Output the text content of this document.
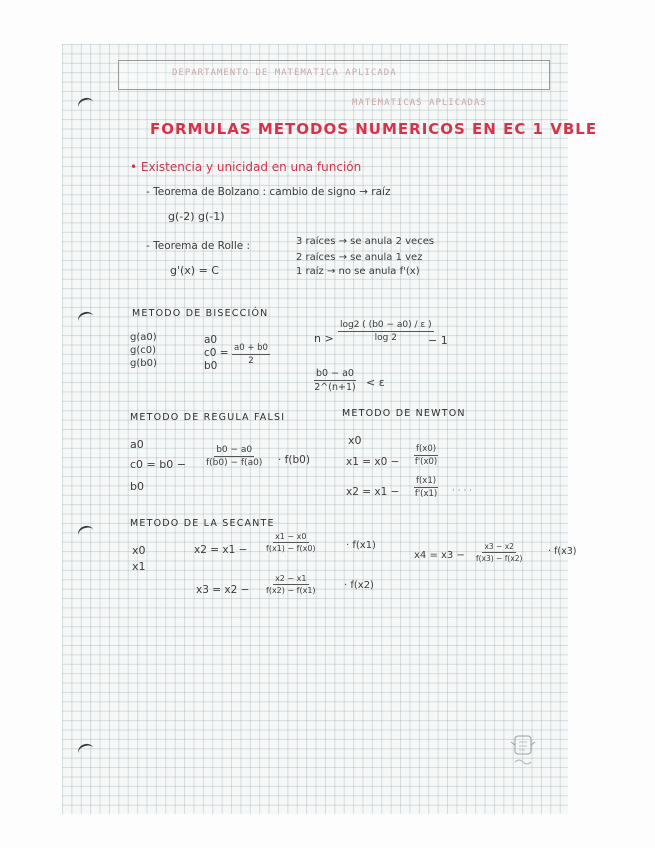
DEPARTAMENTO DE MATEMATICA APLICADA
MATEMATICAS APLICADAS
FORMULAS METODOS NUMERICOS EN EC 1 VBLE
• Existencia y unicidad en una función
- Teorema de Bolzano : cambio de signo → raíz
g(-2) g(-1)
- Teorema de Rolle :	3 raíces → se anula 2 veces
2 raíces → se anula 1 vez
1 raíz → no se anula f'(x)
g'(x) = C
METODO DE BISECCIÓN
g(a0)
g(c0)
g(b0)
a0
c0 =
$b0 \frac{a0 + b0}{2}$
$n > \frac{\log 2 ( (b0 - a0) / \varepsilon )}{\log 2}$
− 1
$\frac{b0 - a0}{2\^{}(n+1)} < \varepsilon$
METODO DE REGULA FALSI
a0
$c0 = b0 - \frac{b0 - a0}{f(b0) - f(a0)} \cdot f(b0)$
b0
METODO DE NEWTON
x0
$x1 = x0 - \frac{f(x0)}{f'(x0)}$
$x2 = x1 - \frac{f(x1)}{f'(x1)}$ · · · ·
METODO DE LA SECANTE
x0
x1
$x2 = x1 - \frac{x1 - x0}{f(x1) - f(x0)}$	· f(x1)
$x3 = x2 - \frac{x2 - x1}{f(x2) - f(x1)}$	· f(x2)
$x4 = x3 - \frac{x3 - x2}{f(x3) - f(x2)}$	· f(x3)
